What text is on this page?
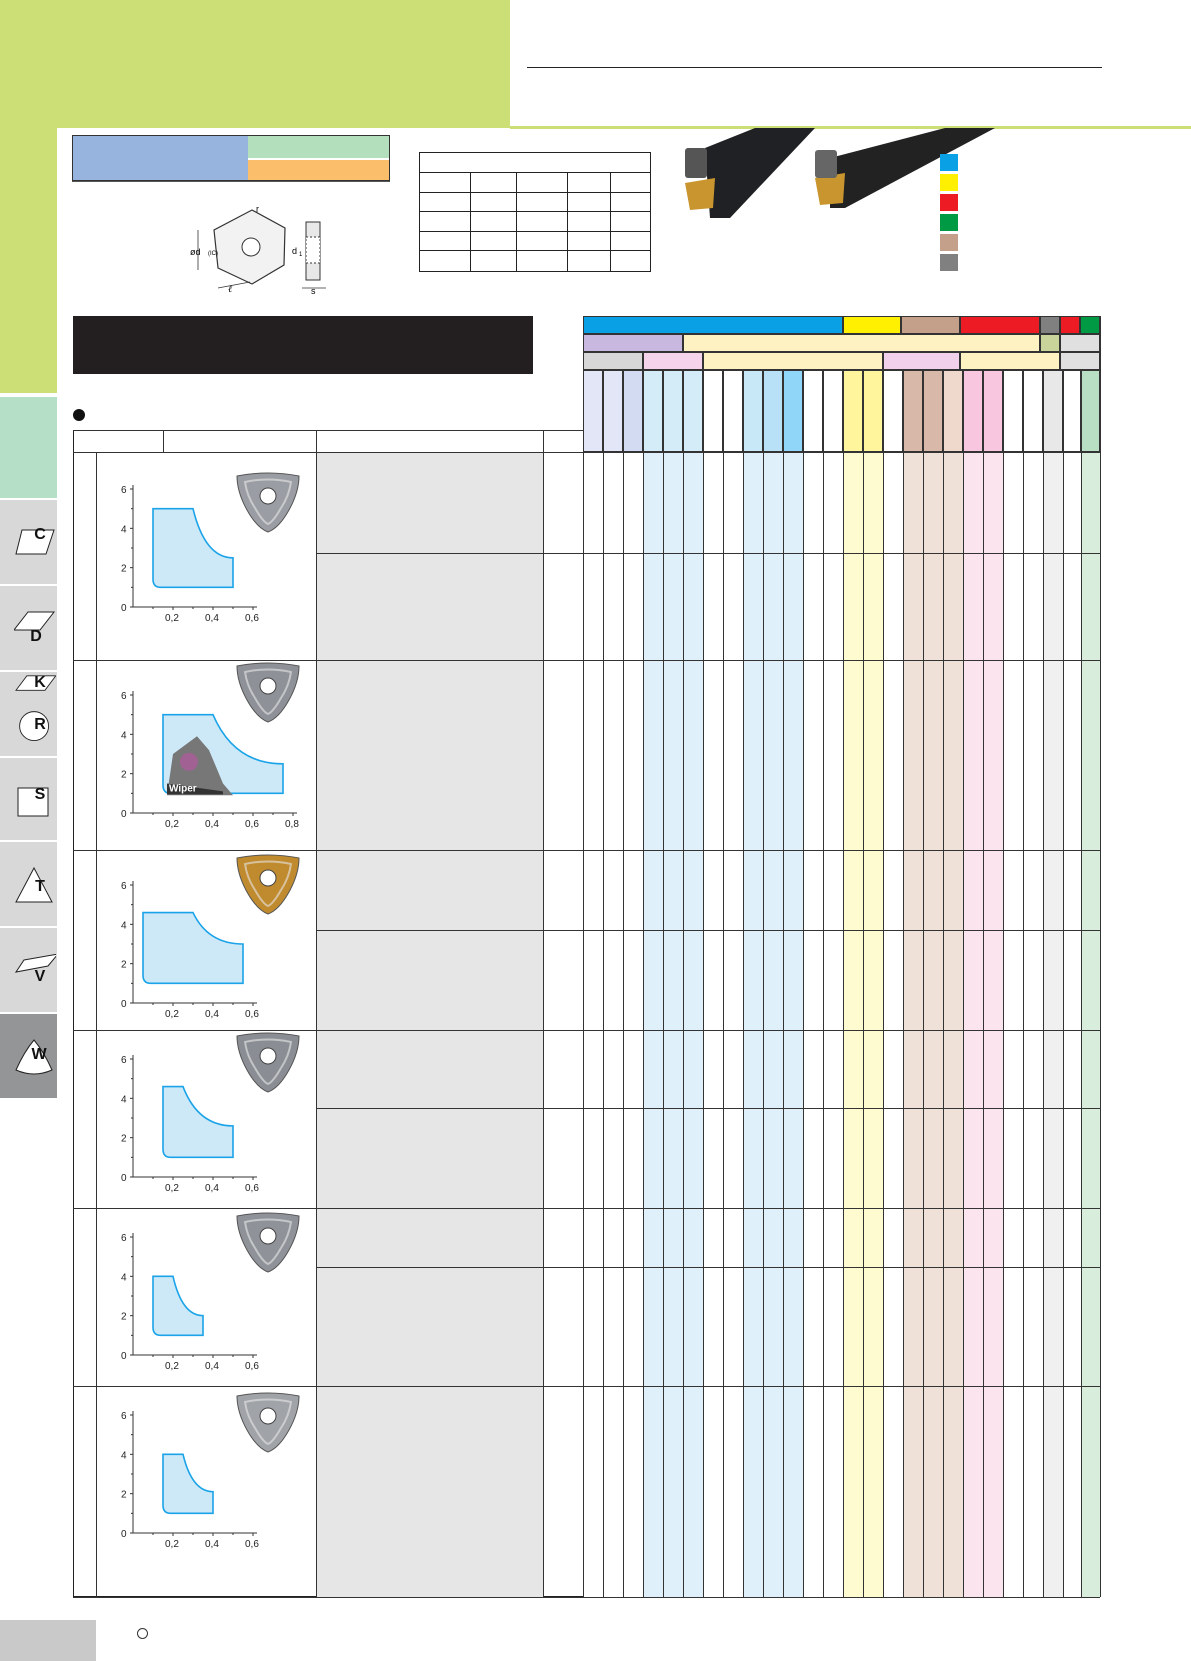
ød (IC)
r
ℓ
d 1
s
0
2
4
6
0,2	0,4	0,6
0
2
4
6
0,2	0,4	0,6	0,8
Wiper
0
2
4
6
0,2	0,4	0,6
0
2
4
6
0,2	0,4	0,6
0
2
4
6
0,2	0,4	0,6
0
2
4
6
0,2	0,4	0,6
C
D
K
R
S
T
V
W
